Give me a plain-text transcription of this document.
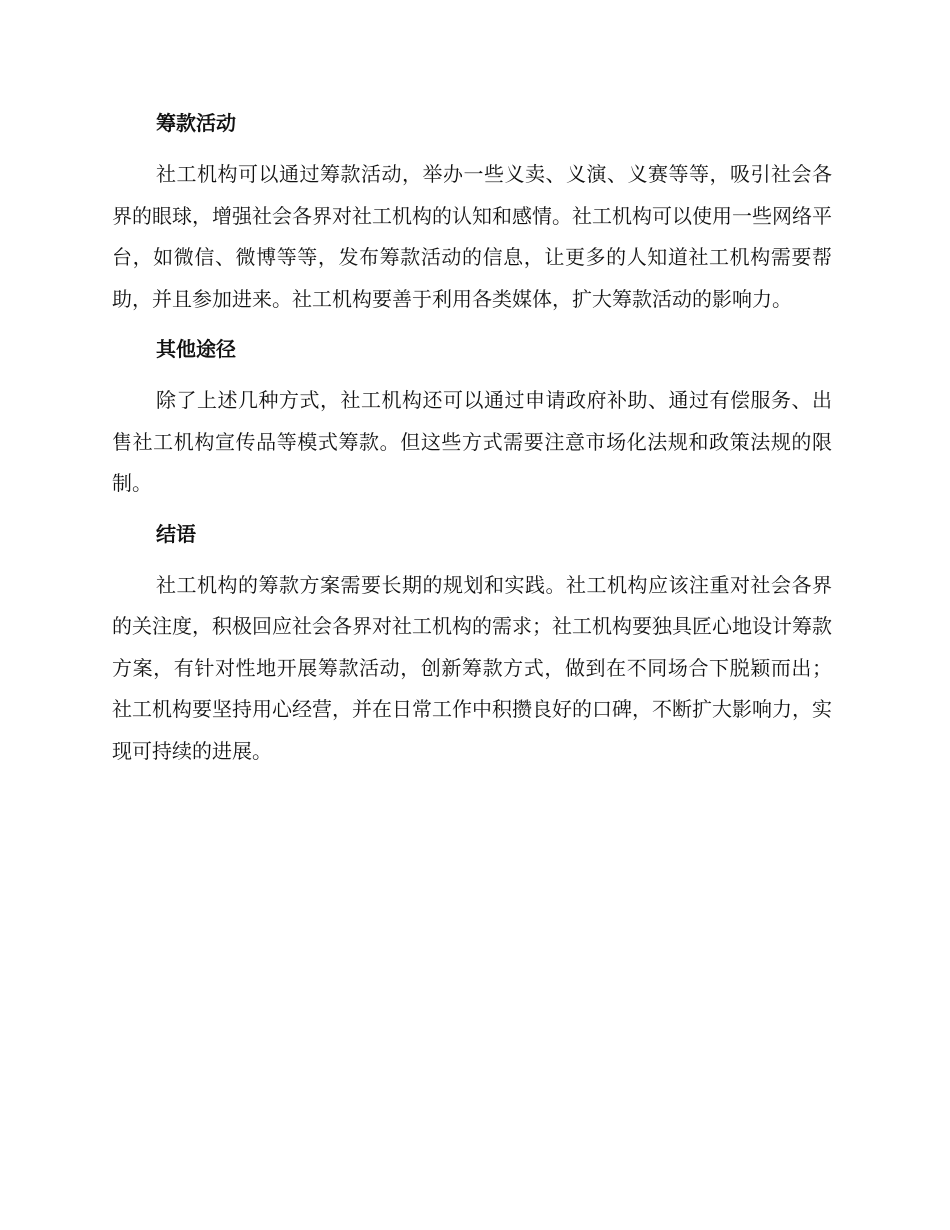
筹款活动

社工机构可以通过筹款活动，举办一些义卖、义演、义赛等等，吸引社会各界的眼球，增强社会各界对社工机构的认知和感情。社工机构可以使用一些网络平台，如微信、微博等等，发布筹款活动的信息，让更多的人知道社工机构需要帮助，并且参加进来。社工机构要善于利用各类媒体，扩大筹款活动的影响力。

其他途径

除了上述几种方式，社工机构还可以通过申请政府补助、通过有偿服务、出售社工机构宣传品等模式筹款。但这些方式需要注意市场化法规和政策法规的限制。

结语

社工机构的筹款方案需要长期的规划和实践。社工机构应该注重对社会各界的关注度，积极回应社会各界对社工机构的需求；社工机构要独具匠心地设计筹款方案，有针对性地开展筹款活动，创新筹款方式，做到在不同场合下脱颖而出； 社工机构要坚持用心经营，并在日常工作中积攒良好的口碑，不断扩大影响力，实现可持续的进展。
